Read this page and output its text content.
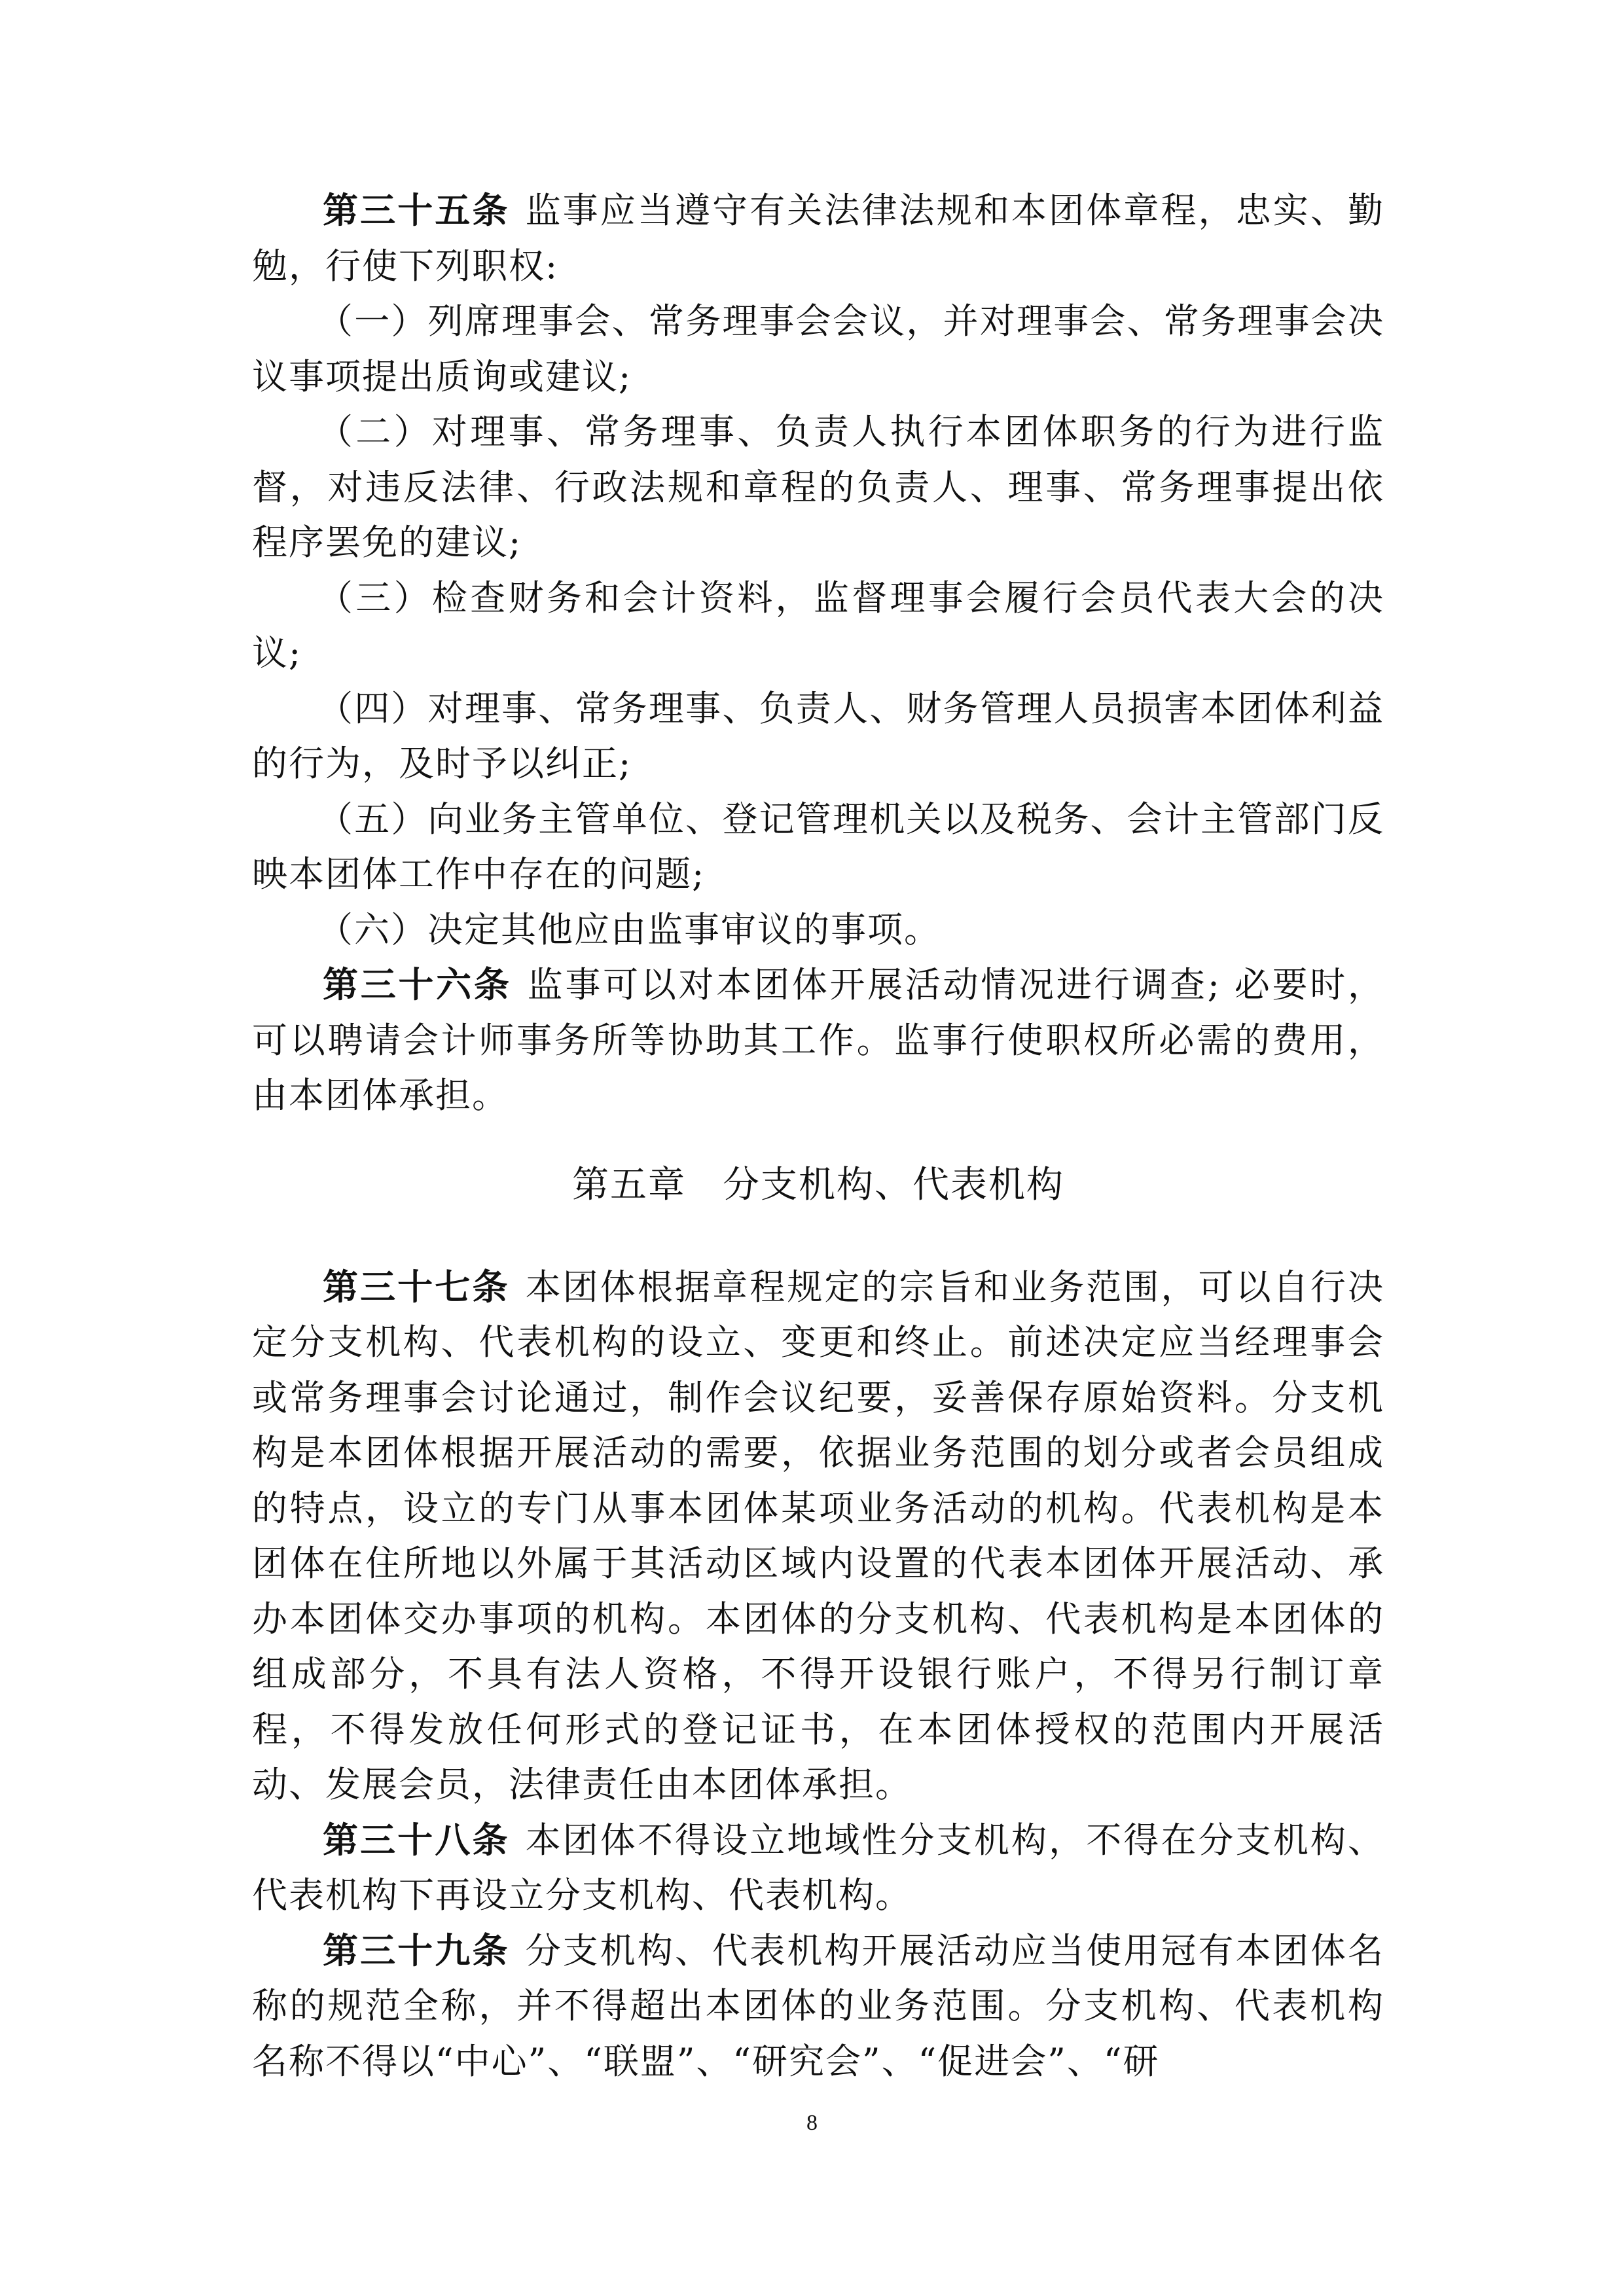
第三十五条 监事应当遵守有关法律法规和本团体章程，忠实、勤勉，行使下列职权:

（一）列席理事会、常务理事会会议，并对理事会、常务理事会决议事项提出质询或建议;

（二）对理事、常务理事、负责人执行本团体职务的行为进行监督，对违反法律、行政法规和章程的负责人、理事、常务理事提出依程序罢免的建议;

（三）检查财务和会计资料，监督理事会履行会员代表大会的决议;

（四）对理事、常务理事、负责人、财务管理人员损害本团体利益的行为，及时予以纠正;

（五）向业务主管单位、登记管理机关以及税务、会计主管部门反映本团体工作中存在的问题;

（六）决定其他应由监事审议的事项。

第三十六条 监事可以对本团体开展活动情况进行调查; 必要时，可以聘请会计师事务所等协助其工作。监事行使职权所必需的费用，由本团体承担。

第五章 分支机构、代表机构

第三十七条 本团体根据章程规定的宗旨和业务范围，可以自行决定分支机构、代表机构的设立、变更和终止。前述决定应当经理事会或常务理事会讨论通过，制作会议纪要，妥善保存原始资料。分支机构是本团体根据开展活动的需要，依据业务范围的划分或者会员组成的特点，设立的专门从事本团体某项业务活动的机构。代表机构是本团体在住所地以外属于其活动区域内设置的代表本团体开展活动、承办本团体交办事项的机构。本团体的分支机构、代表机构是本团体的组成部分，不具有法人资格，不得开设银行账户，不得另行制订章程，不得发放任何形式的登记证书，在本团体授权的范围内开展活动、发展会员，法律责任由本团体承担。

第三十八条 本团体不得设立地域性分支机构，不得在分支机构、代表机构下再设立分支机构、代表机构。

第三十九条 分支机构、代表机构开展活动应当使用冠有本团体名称的规范全称，并不得超出本团体的业务范围。分支机构、代表机构名称不得以“中心”、“联盟”、“研究会”、“促进会”、“研

8
